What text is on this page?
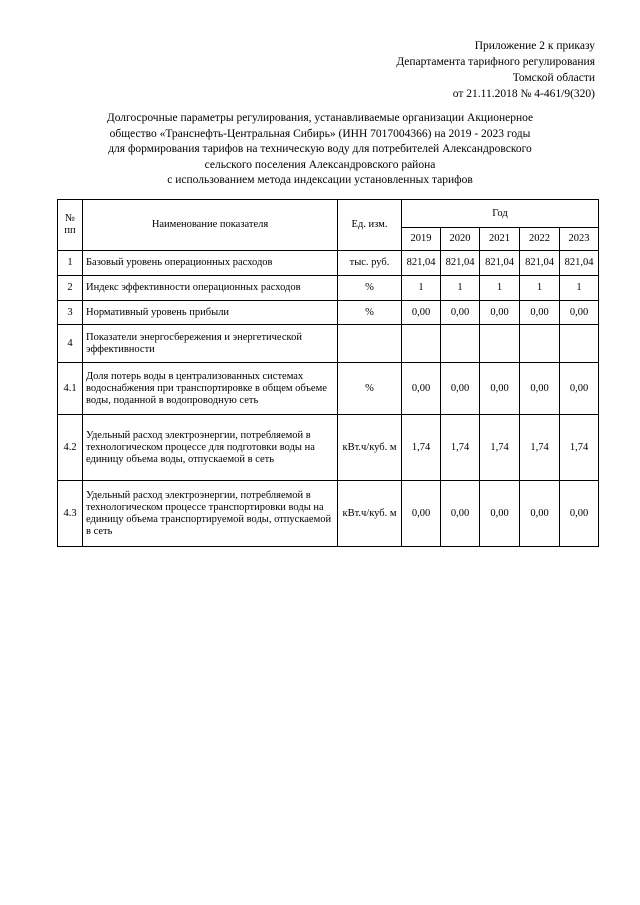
Приложение 2 к приказу
Департамента тарифного регулирования
Томской области
от 21.11.2018 № 4-461/9(320)
Долгосрочные параметры регулирования, устанавливаемые организации Акционерное
общество «Транснефть-Центральная Сибирь» (ИНН 7017004366) на 2019 - 2023 годы
для формирования тарифов на техническую воду для потребителей Александровского
сельского поселения Александровского района
с использованием метода индексации установленных тарифов
№ пп	Наименование показателя	Ед. изм.	Год				
			2019	2020	2021	2022	2023
1	Базовый уровень операционных расходов	тыс. руб.	821,04	821,04	821,04	821,04	821,04
2	Индекс эффективности операционных расходов	%	1	1	1	1	1
3	Нормативный уровень прибыли	%	0,00	0,00	0,00	0,00	0,00
4	Показатели энергосбережения и энергетической эффективности						
4.1	Доля потерь воды в централизованных системах водоснабжения при транспортировке в общем объеме воды, поданной в водопроводную сеть	%	0,00	0,00	0,00	0,00	0,00
4.2	Удельный расход электроэнергии, потребляемой в технологическом процессе для подготовки воды на единицу объема воды, отпускаемой в сеть	кВт.ч/куб. м	1,74	1,74	1,74	1,74	1,74
4.3	Удельный расход электроэнергии, потребляемой в технологическом процессе транспортировки воды на единицу объема транспортируемой воды, отпускаемой в сеть	кВт.ч/куб. м	0,00	0,00	0,00	0,00	0,00
